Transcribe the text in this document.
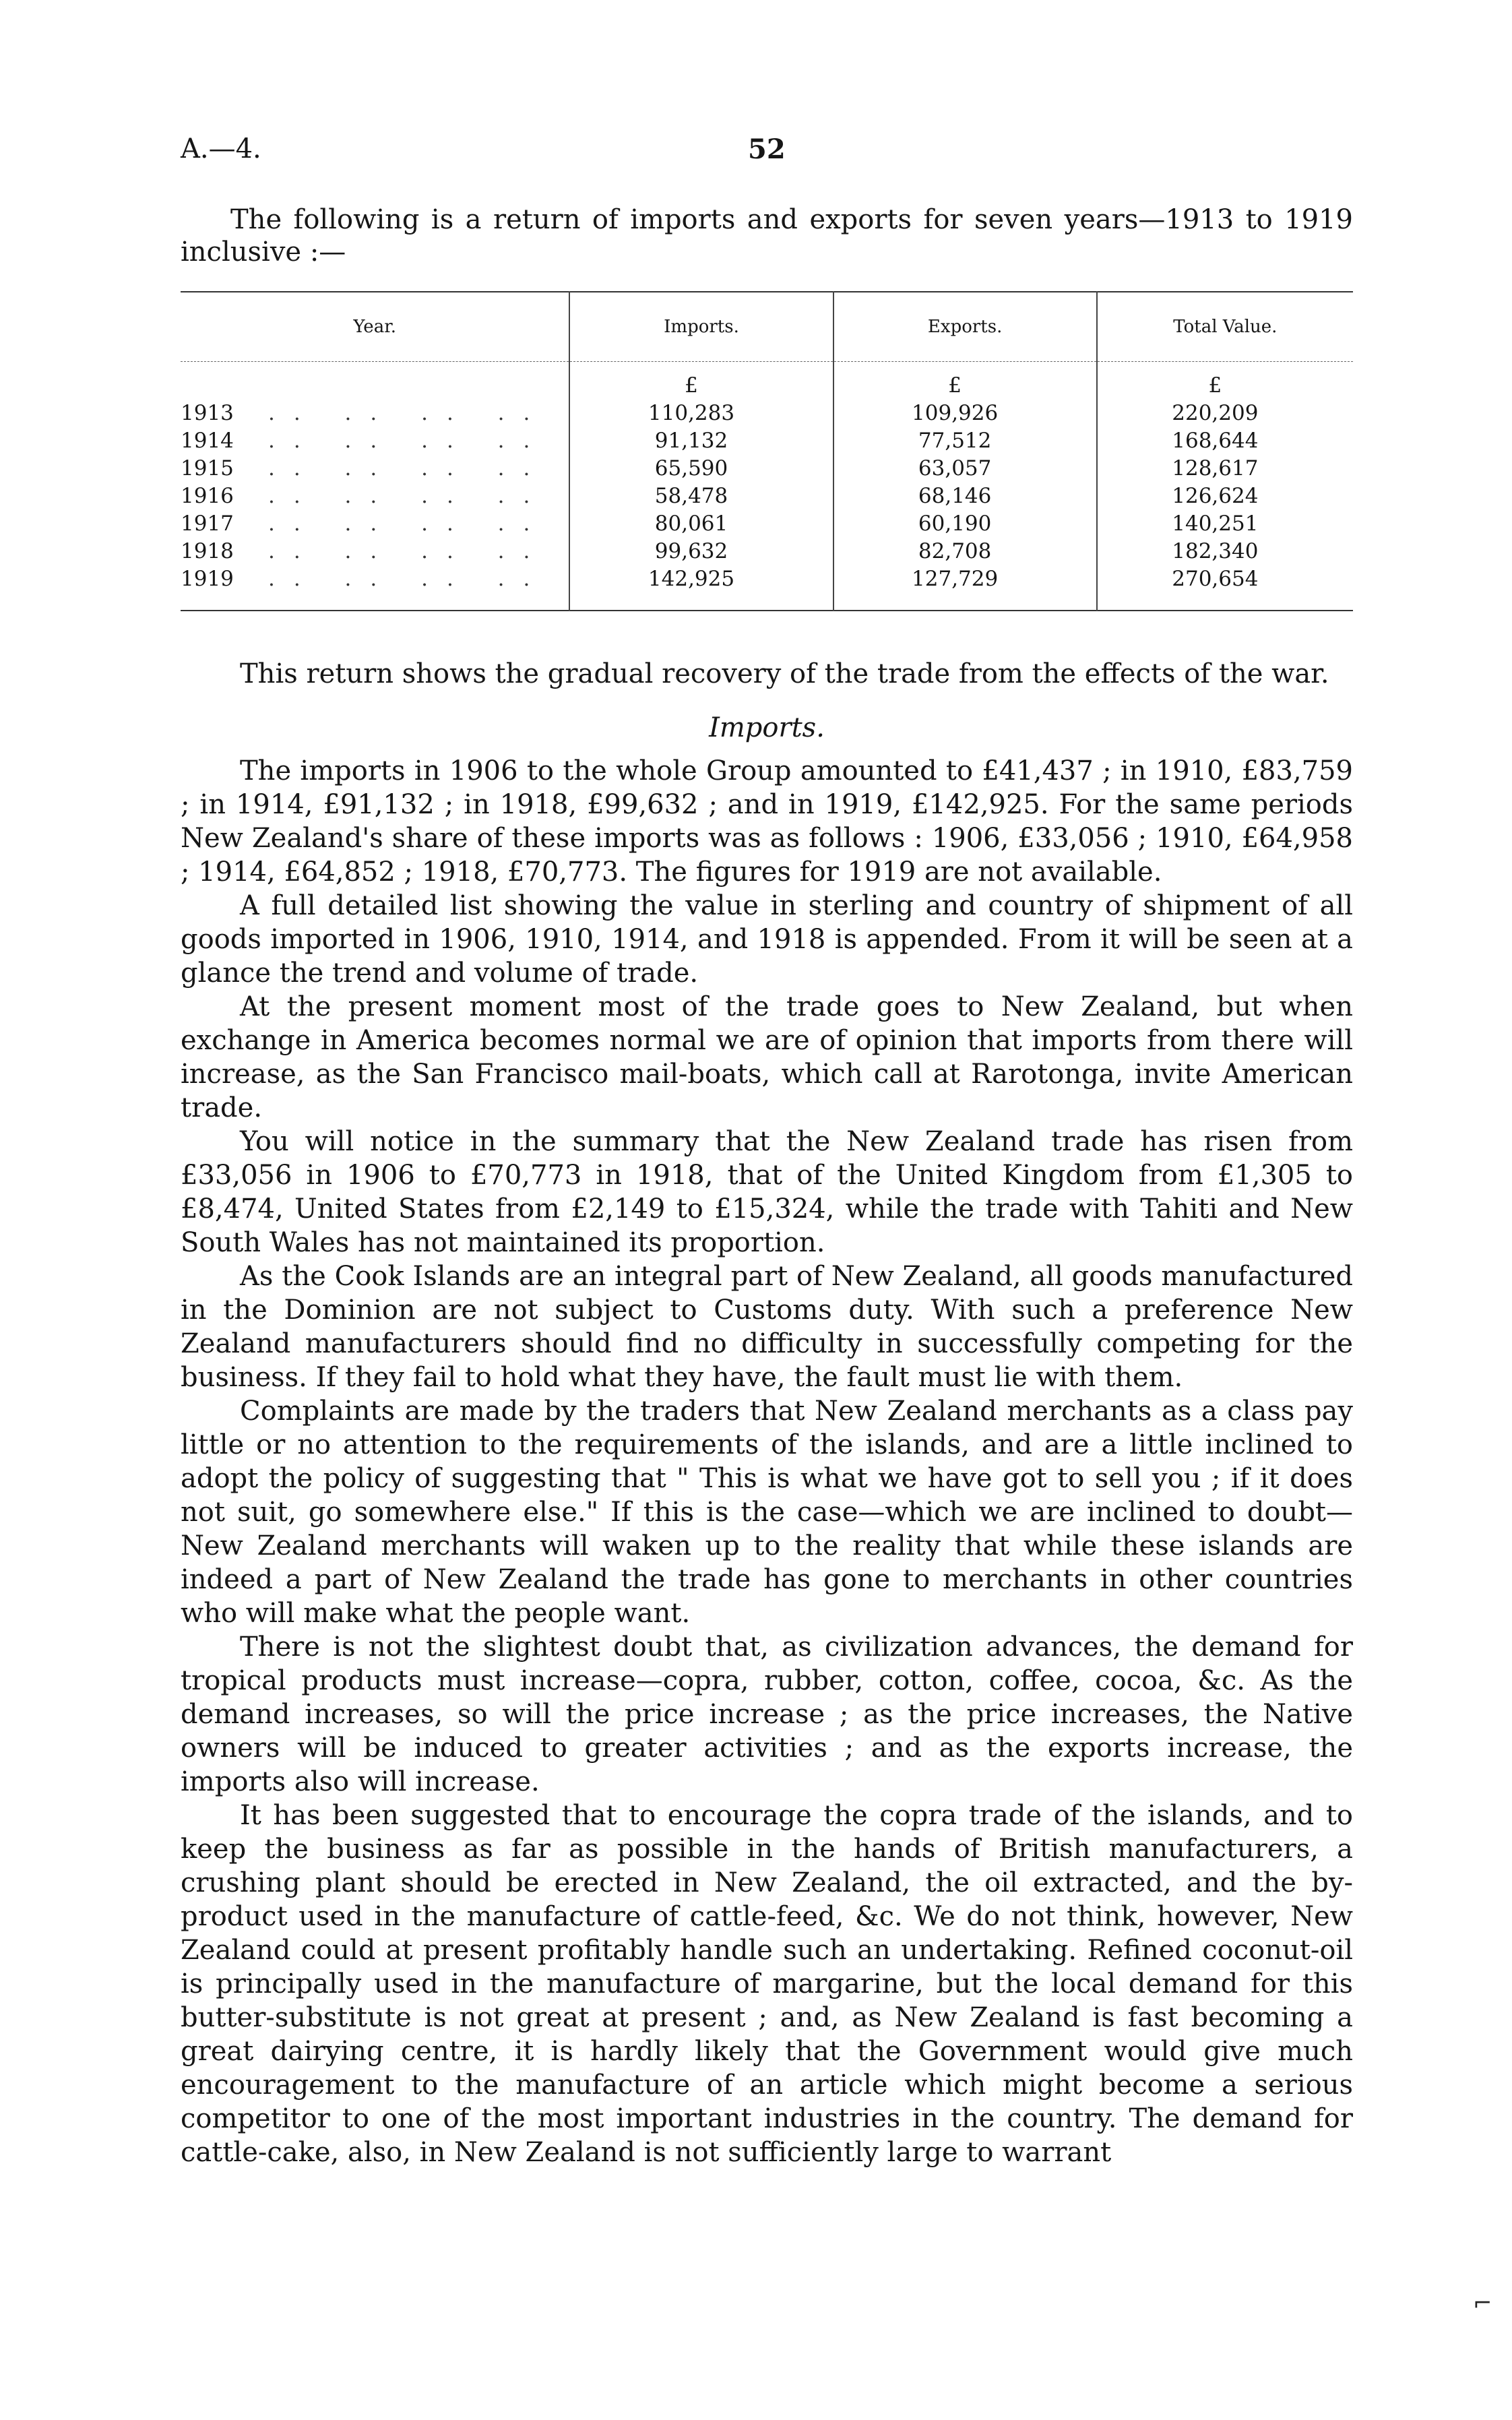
A.—4.	52
The following is a return of imports and exports for seven years—1913 to 1919 inclusive :—
Year.	Imports.	Exports.	Total Value.
	£	£	£
1913 .. .. .. ..	110,283	109,926	220,209
1914 .. .. .. ..	91,132	77,512	168,644
1915 .. .. .. ..	65,590	63,057	128,617
1916 .. .. .. ..	58,478	68,146	126,624
1917 .. .. .. ..	80,061	60,190	140,251
1918 .. .. .. ..	99,632	82,708	182,340
1919 .. .. .. ..	142,925	127,729	270,654

This return shows the gradual recovery of the trade from the effects of the war.

Imports.

The imports in 1906 to the whole Group amounted to £41,437 ; in 1910, £83,759 ; in 1914, £91,132 ; in 1918, £99,632 ; and in 1919, £142,925. For the same periods New Zealand's share of these imports was as follows : 1906, £33,056 ; 1910, £64,958 ; 1914, £64,852 ; 1918, £70,773. The figures for 1919 are not available.

A full detailed list showing the value in sterling and country of shipment of all goods imported in 1906, 1910, 1914, and 1918 is appended. From it will be seen at a glance the trend and volume of trade.

At the present moment most of the trade goes to New Zealand, but when exchange in America becomes normal we are of opinion that imports from there will increase, as the San Francisco mail-boats, which call at Rarotonga, invite American trade.

You will notice in the summary that the New Zealand trade has risen from £33,056 in 1906 to £70,773 in 1918, that of the United Kingdom from £1,305 to £8,474, United States from £2,149 to £15,324, while the trade with Tahiti and New South Wales has not maintained its proportion.

As the Cook Islands are an integral part of New Zealand, all goods manufactured in the Dominion are not subject to Customs duty. With such a preference New Zealand manufacturers should find no difficulty in successfully competing for the business. If they fail to hold what they have, the fault must lie with them.

Complaints are made by the traders that New Zealand merchants as a class pay little or no attention to the requirements of the islands, and are a little inclined to adopt the policy of suggesting that " This is what we have got to sell you ; if it does not suit, go somewhere else." If this is the case—which we are inclined to doubt—New Zealand merchants will waken up to the reality that while these islands are indeed a part of New Zealand the trade has gone to merchants in other countries who will make what the people want.

There is not the slightest doubt that, as civilization advances, the demand for tropical products must increase—copra, rubber, cotton, coffee, cocoa, &c. As the demand increases, so will the price increase ; as the price increases, the Native owners will be induced to greater activities ; and as the exports increase, the imports also will increase.

It has been suggested that to encourage the copra trade of the islands, and to keep the business as far as possible in the hands of British manufacturers, a crushing plant should be erected in New Zealand, the oil extracted, and the by-product used in the manufacture of cattle-feed, &c. We do not think, however, New Zealand could at present profitably handle such an undertaking. Refined coconut-oil is principally used in the manufacture of margarine, but the local demand for this butter-substitute is not great at present ; and, as New Zealand is fast becoming a great dairying centre, it is hardly likely that the Government would give much encouragement to the manufacture of an article which might become a serious competitor to one of the most important industries in the country. The demand for cattle-cake, also, in New Zealand is not sufficiently large to warrant

⌐
